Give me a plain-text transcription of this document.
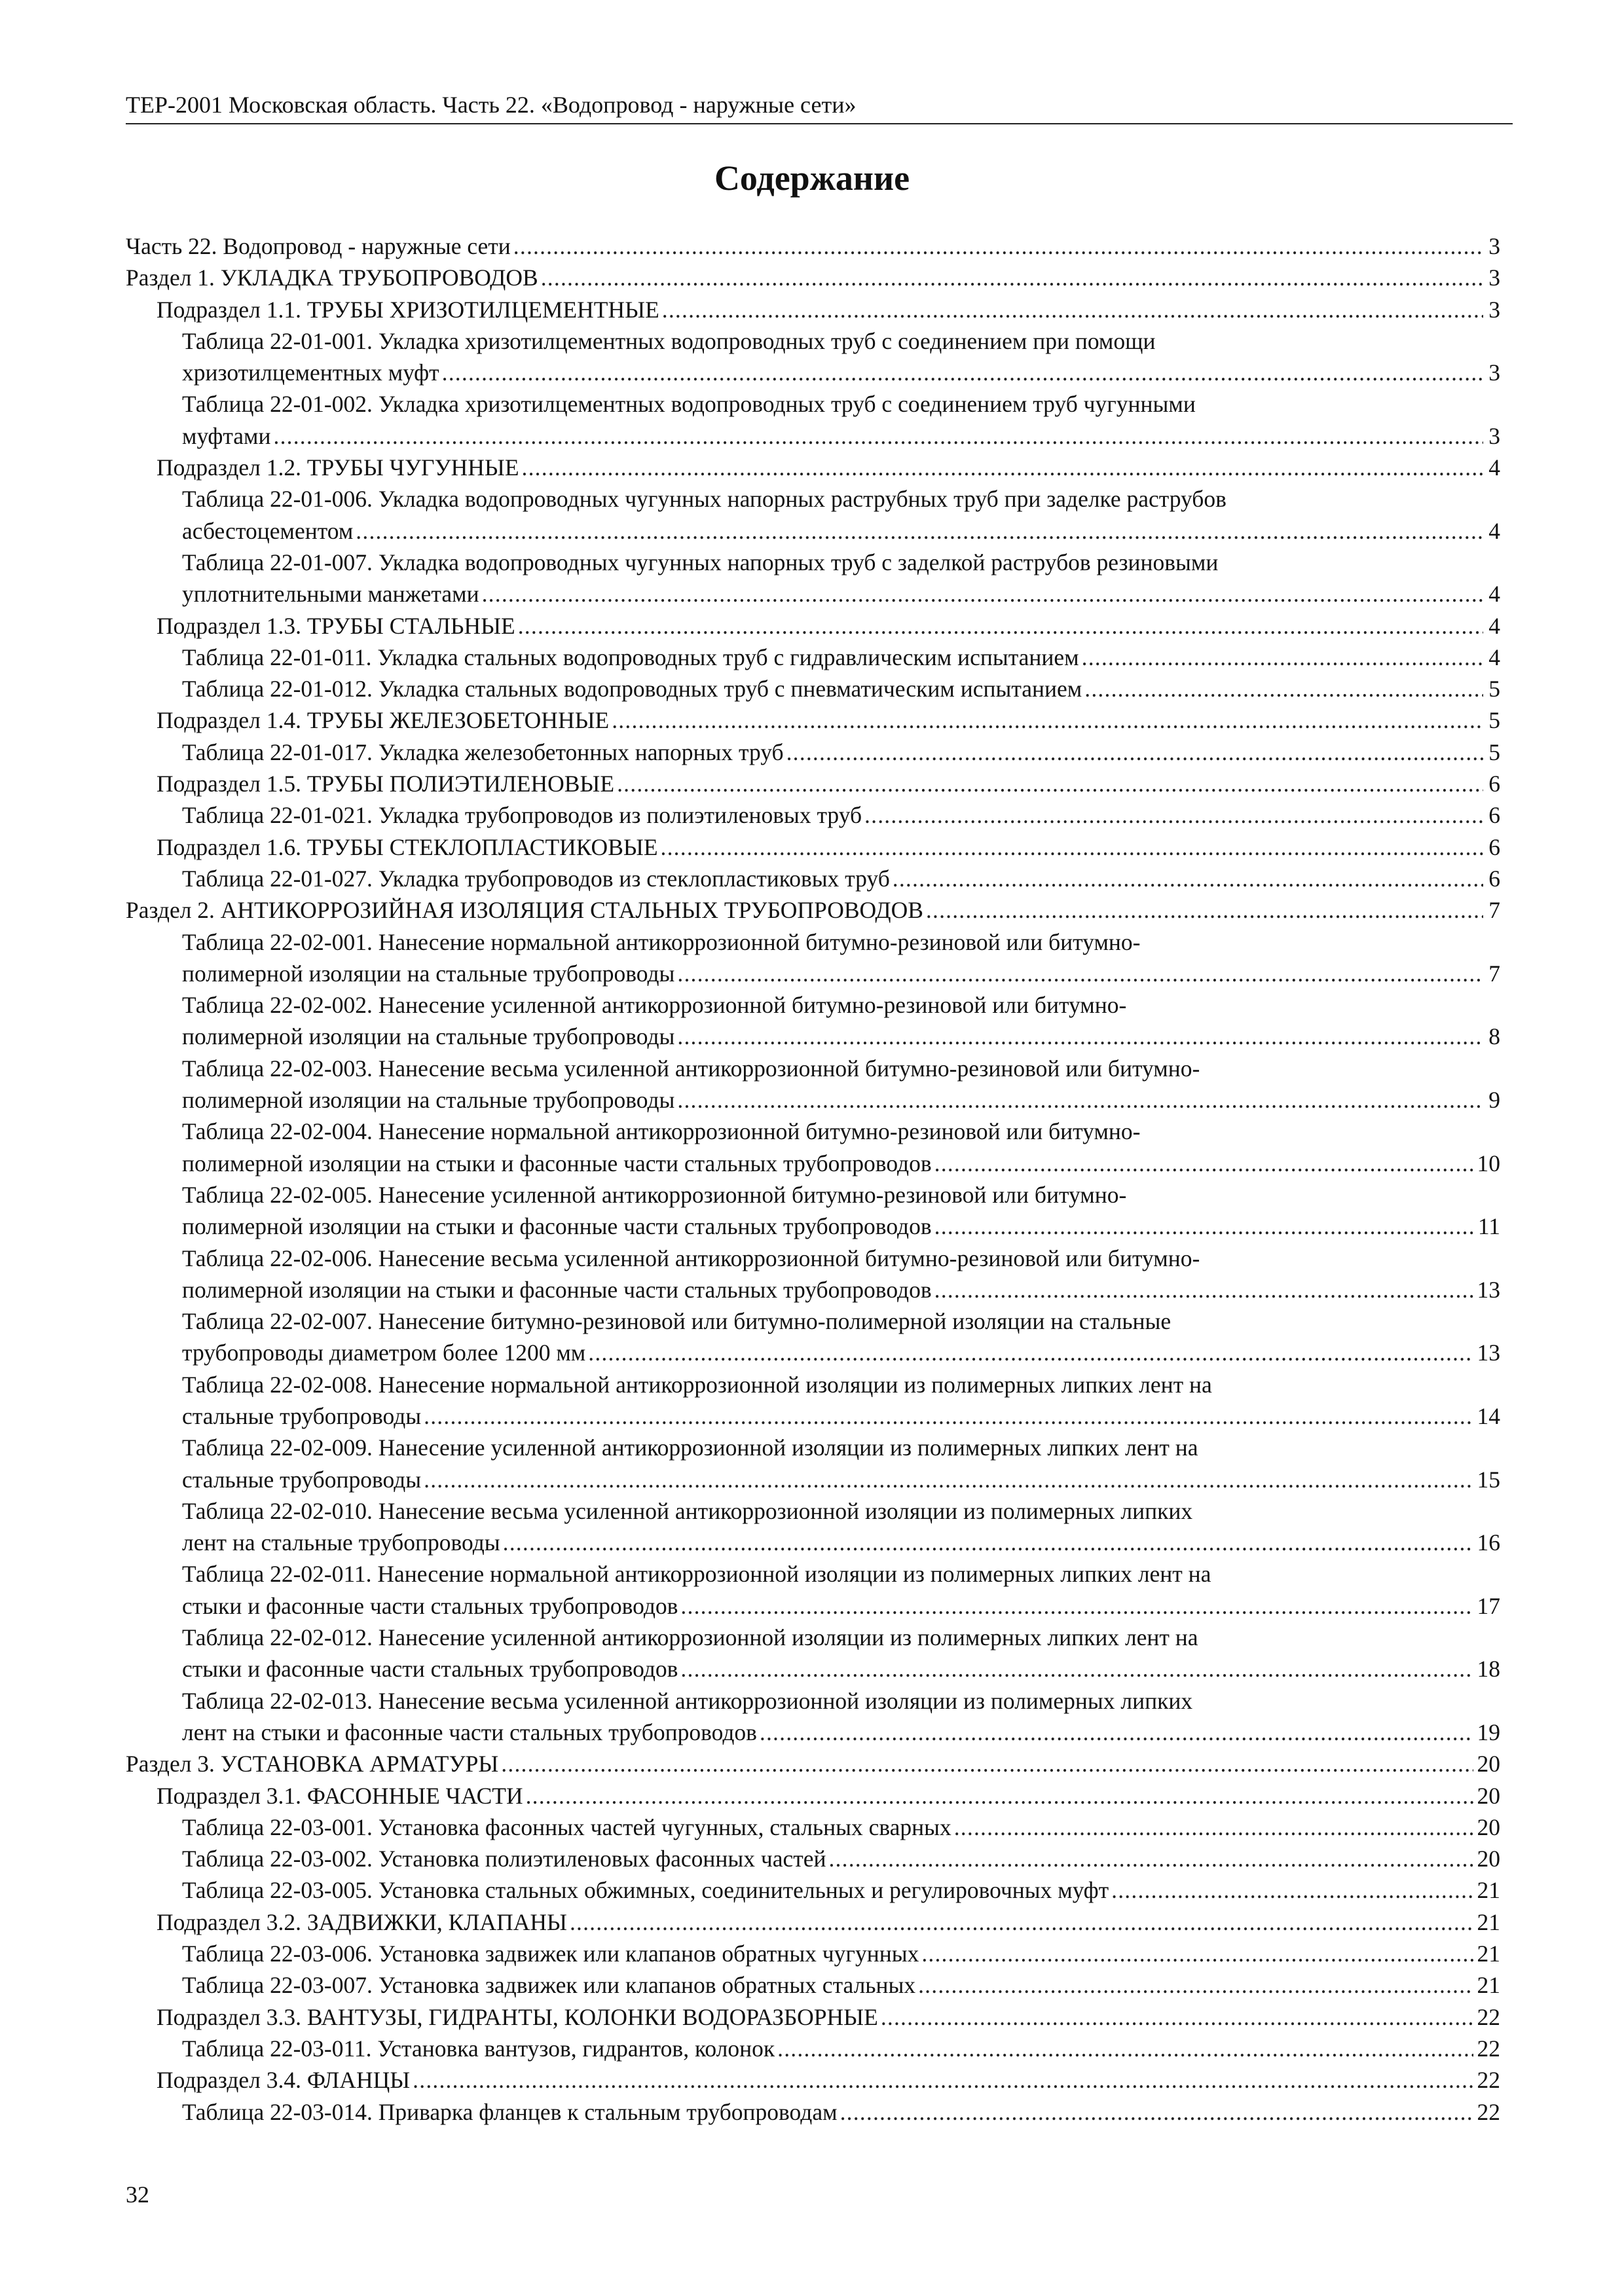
ТЕР-2001 Московская область. Часть 22. «Водопровод - наружные сети»
Содержание
Часть 22. Водопровод - наружные сети .....	3
Раздел 1. УКЛАДКА ТРУБОПРОВОДОВ .....	3
Подраздел 1.1. ТРУБЫ ХРИЗОТИЛЦЕМЕНТНЫЕ .....	3
Таблица 22-01-001. Укладка хризотилцементных водопроводных труб с соединением при помощи
хризотилцементных муфт .....	3
Таблица 22-01-002. Укладка хризотилцементных водопроводных труб с соединением труб чугунными
муфтами .....	3
Подраздел 1.2. ТРУБЫ ЧУГУННЫЕ .....	4
Таблица 22-01-006. Укладка водопроводных чугунных напорных раструбных труб при заделке раструбов
асбестоцементом .....	4
Таблица 22-01-007. Укладка водопроводных чугунных напорных труб с заделкой раструбов резиновыми
уплотнительными манжетами .....	4
Подраздел 1.3. ТРУБЫ СТАЛЬНЫЕ .....	4
Таблица 22-01-011. Укладка стальных водопроводных труб с гидравлическим испытанием .....	4
Таблица 22-01-012. Укладка стальных водопроводных труб с пневматическим испытанием .....	5
Подраздел 1.4. ТРУБЫ ЖЕЛЕЗОБЕТОННЫЕ .....	5
Таблица 22-01-017. Укладка железобетонных напорных труб .....	5
Подраздел 1.5. ТРУБЫ ПОЛИЭТИЛЕНОВЫЕ .....	6
Таблица 22-01-021. Укладка трубопроводов из полиэтиленовых труб .....	6
Подраздел 1.6. ТРУБЫ СТЕКЛОПЛАСТИКОВЫЕ .....	6
Таблица 22-01-027. Укладка трубопроводов из стеклопластиковых труб .....	6
Раздел 2. АНТИКОРРОЗИЙНАЯ ИЗОЛЯЦИЯ СТАЛЬНЫХ ТРУБОПРОВОДОВ .....	7
Таблица 22-02-001. Нанесение нормальной антикоррозионной битумно-резиновой или битумно-
полимерной изоляции на стальные трубопроводы .....	7
Таблица 22-02-002. Нанесение усиленной антикоррозионной битумно-резиновой или битумно-
полимерной изоляции на стальные трубопроводы .....	8
Таблица 22-02-003. Нанесение весьма усиленной антикоррозионной битумно-резиновой или битумно-
полимерной изоляции на стальные трубопроводы .....	9
Таблица 22-02-004. Нанесение нормальной антикоррозионной битумно-резиновой или битумно-
полимерной изоляции на стыки и фасонные части стальных трубопроводов .....	10
Таблица 22-02-005. Нанесение усиленной антикоррозионной битумно-резиновой или битумно-
полимерной изоляции на стыки и фасонные части стальных трубопроводов .....	11
Таблица 22-02-006. Нанесение весьма усиленной антикоррозионной битумно-резиновой или битумно-
полимерной изоляции на стыки и фасонные части стальных трубопроводов .....	13
Таблица 22-02-007. Нанесение битумно-резиновой или битумно-полимерной изоляции на стальные
трубопроводы диаметром более 1200 мм .....	13
Таблица 22-02-008. Нанесение нормальной антикоррозионной изоляции из полимерных липких лент на
стальные трубопроводы .....	14
Таблица 22-02-009. Нанесение усиленной антикоррозионной изоляции из полимерных липких лент на
стальные трубопроводы .....	15
Таблица 22-02-010. Нанесение весьма усиленной антикоррозионной изоляции из полимерных липких
лент на стальные трубопроводы .....	16
Таблица 22-02-011. Нанесение нормальной антикоррозионной изоляции из полимерных липких лент на
стыки и фасонные части стальных трубопроводов .....	17
Таблица 22-02-012. Нанесение усиленной антикоррозионной изоляции из полимерных липких лент на
стыки и фасонные части стальных трубопроводов .....	18
Таблица 22-02-013. Нанесение весьма усиленной антикоррозионной изоляции из полимерных липких
лент на стыки и фасонные части стальных трубопроводов .....	19
Раздел 3. УСТАНОВКА АРМАТУРЫ .....	20
Подраздел 3.1. ФАСОННЫЕ ЧАСТИ .....	20
Таблица 22-03-001. Установка фасонных частей чугунных, стальных сварных .....	20
Таблица 22-03-002. Установка полиэтиленовых фасонных частей .....	20
Таблица 22-03-005. Установка стальных обжимных, соединительных и регулировочных муфт .....	21
Подраздел 3.2. ЗАДВИЖКИ, КЛАПАНЫ .....	21
Таблица 22-03-006. Установка задвижек или клапанов обратных чугунных .....	21
Таблица 22-03-007. Установка задвижек или клапанов обратных стальных .....	21
Подраздел 3.3. ВАНТУЗЫ, ГИДРАНТЫ, КОЛОНКИ ВОДОРАЗБОРНЫЕ .....	22
Таблица 22-03-011. Установка вантузов, гидрантов, колонок .....	22
Подраздел 3.4. ФЛАНЦЫ .....	22
Таблица 22-03-014. Приварка фланцев к стальным трубопроводам .....	22
32
